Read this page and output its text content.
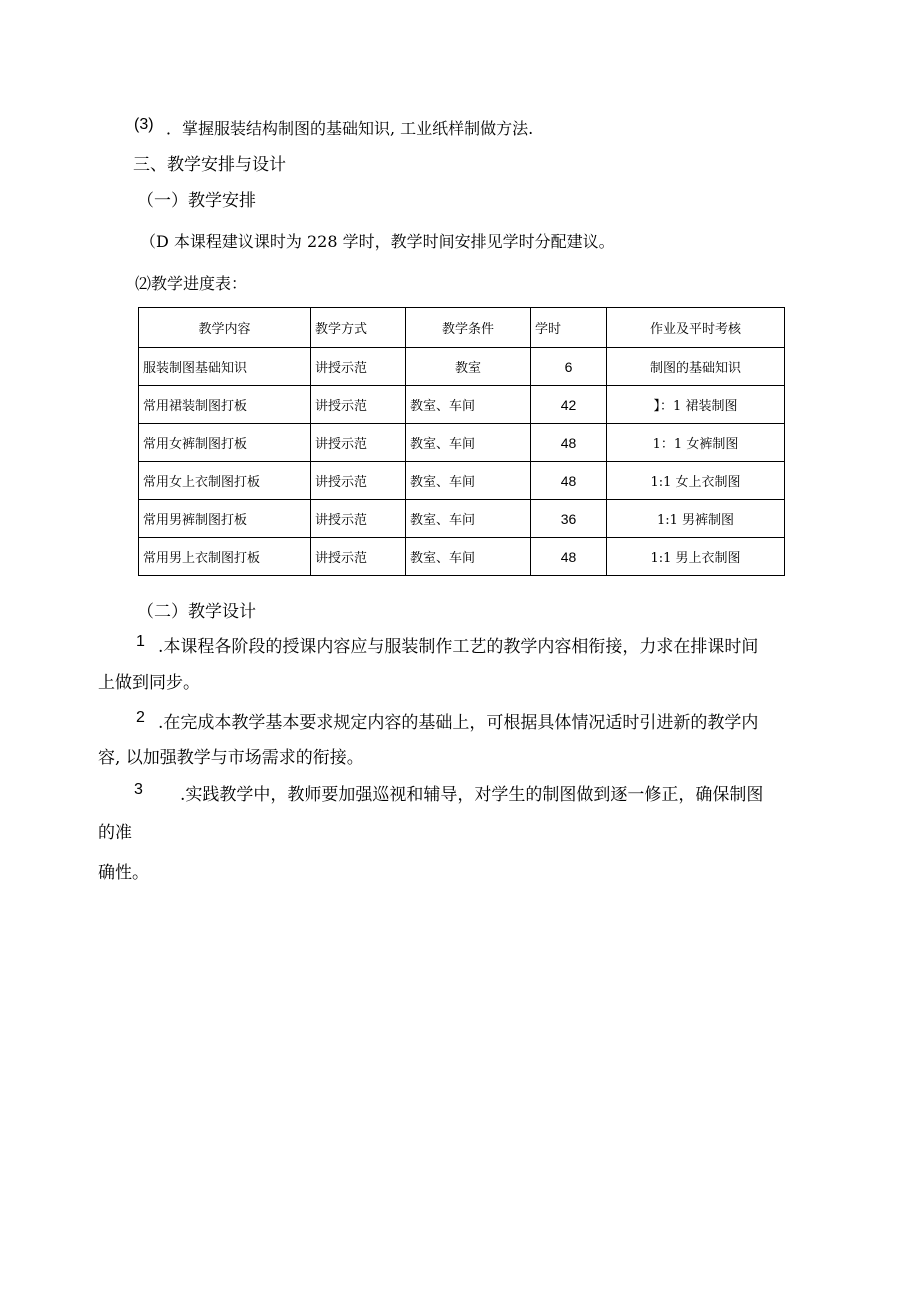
(3) ．掌握服装结构制图的基础知识, 工业纸样制做方法.
三、教学安排与设计
（一）教学安排
（D 本课程建议课时为 228 学时，教学时间安排见学时分配建议。
⑵教学进度表：
教学内容	教学方式	教学条件	学时	作业及平时考核
服装制图基础知识	讲授示范	教室	6	制图的基础知识
常用裙装制图打板	讲授示范	教室、车间	42	】：1 裙装制图
常用女裤制图打板	讲授示范	教室、车间	48	1：1 女裤制图
常用女上衣制图打板	讲授示范	教室、车间	48	1:1 女上衣制图
常用男裤制图打板	讲授示范	教室、车问	36	1:1 男裤制图
常用男上衣制图打板	讲授示范	教室、车间	48	1:1 男上衣制图
（二）教学设计
1 .本课程各阶段的授课内容应与服装制作工艺的教学内容相衔接，力求在排课时间
上做到同步。
2 .在完成本教学基本要求规定内容的基础上，可根据具体情况适时引进新的教学内
容, 以加强教学与市场需求的衔接。
3 .实践教学中，教师要加强巡视和辅导，对学生的制图做到逐一修正，确保制图
的准
确性。
